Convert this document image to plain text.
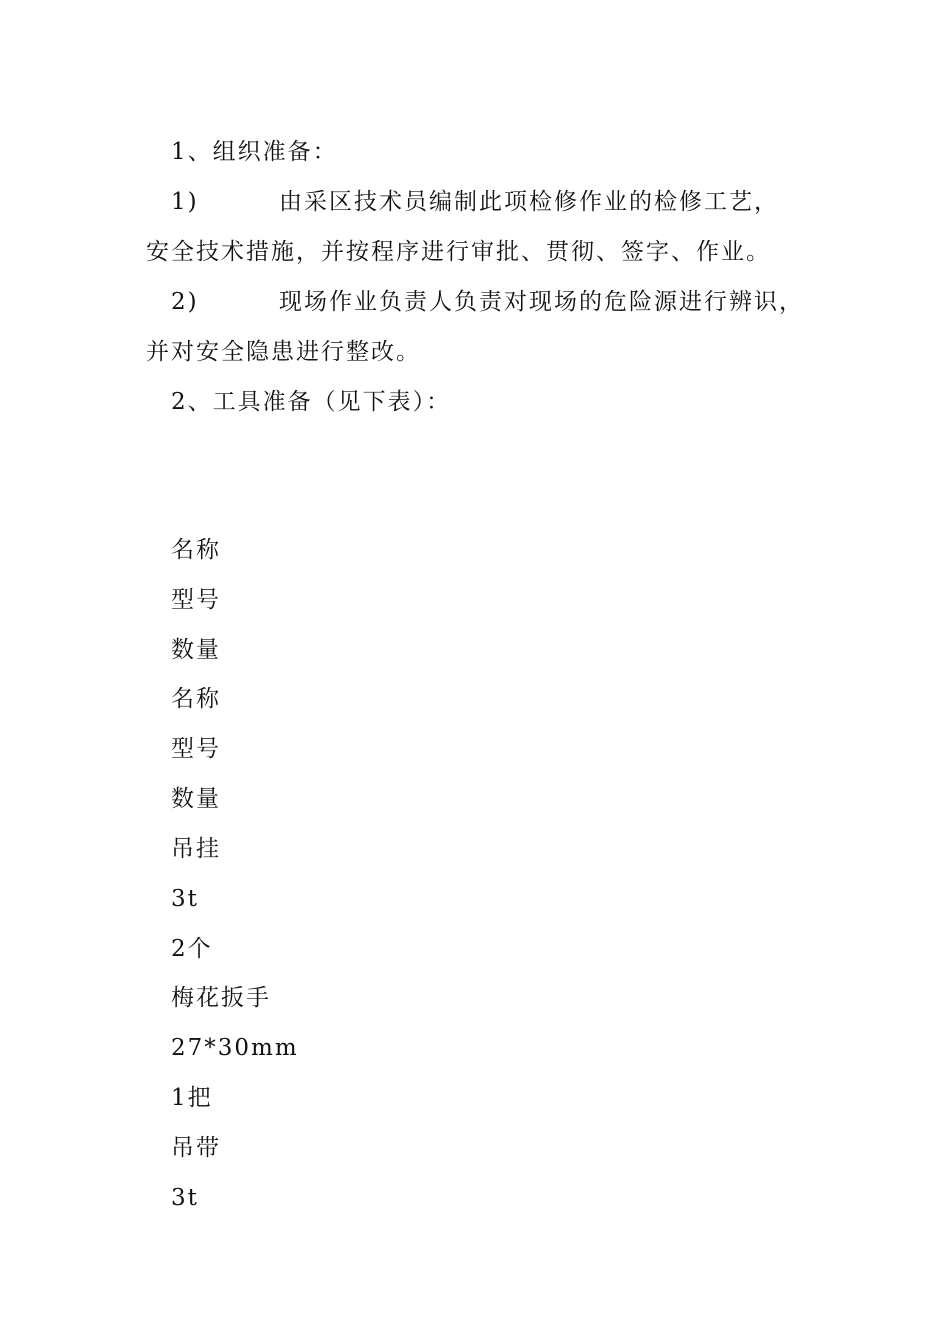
1、组织准备：
1)	由采区技术员编制此项检修作业的检修工艺，
安全技术措施，并按程序进行审批、贯彻、签字、作业。
2)	现场作业负责人负责对现场的危险源进行辨识，
并对安全隐患进行整改。
2、工具准备（见下表）：
名称
型号
数量
名称
型号
数量
吊挂
3t
2个
梅花扳手
27*30mm
1把
吊带
3t
